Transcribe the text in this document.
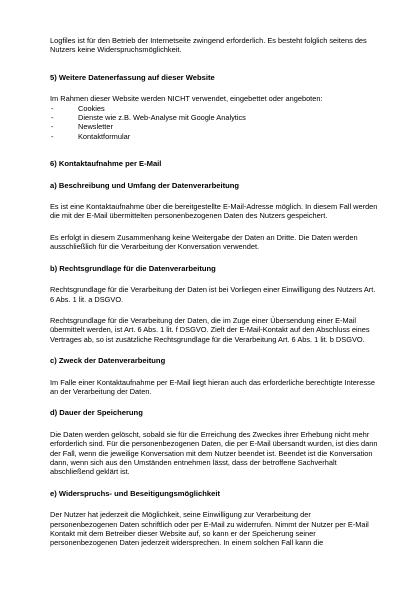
Logfiles ist für den Betrieb der Internetseite zwingend erforderlich. Es besteht folglich seitens des Nutzers keine Widerspruchsmöglichkeit.

5) Weitere Datenerfassung auf dieser Website

Im Rahmen dieser Website werden NICHT verwendet, eingebettet oder angeboten:

-	Cookies
-	Dienste wie z.B. Web-Analyse mit Google Analytics
-	Newsletter
-	Kontaktformular

6) Kontaktaufnahme per E-Mail

a) Beschreibung und Umfang der Datenverarbeitung

Es ist eine Kontaktaufnahme über die bereitgestellte E-Mail-Adresse möglich. In diesem Fall werden die mit der E-Mail übermittelten personenbezogenen Daten des Nutzers gespeichert.

Es erfolgt in diesem Zusammenhang keine Weitergabe der Daten an Dritte. Die Daten werden ausschließlich für die Verarbeitung der Konversation verwendet.

b) Rechtsgrundlage für die Datenverarbeitung

Rechtsgrundlage für die Verarbeitung der Daten ist bei Vorliegen einer Einwilligung des Nutzers Art. 6 Abs. 1 lit. a DSGVO.

Rechtsgrundlage für die Verarbeitung der Daten, die im Zuge einer Übersendung einer E-Mail übermittelt werden, ist Art. 6 Abs. 1 lit. f DSGVO. Zielt der E-Mail-Kontakt auf den Abschluss eines Vertrages ab, so ist zusätzliche Rechtsgrundlage für die Verarbeitung Art. 6 Abs. 1 lit. b DSGVO.

c) Zweck der Datenverarbeitung

Im Falle einer Kontaktaufnahme per E-Mail liegt hieran auch das erforderliche berechtigte Interesse an der Verarbeitung der Daten.

d) Dauer der Speicherung

Die Daten werden gelöscht, sobald sie für die Erreichung des Zweckes ihrer Erhebung nicht mehr erforderlich sind. Für die personenbezogenen Daten, die per E-Mail übersandt wurden, ist dies dann der Fall, wenn die jeweilige Konversation mit dem Nutzer beendet ist. Beendet ist die Konversation dann, wenn sich aus den Umständen entnehmen lässt, dass der betroffene Sachverhalt abschließend geklärt ist.

e) Widerspruchs- und Beseitigungsmöglichkeit

Der Nutzer hat jederzeit die Möglichkeit, seine Einwilligung zur Verarbeitung der personenbezogenen Daten schriftlich oder per E-Mail zu widerrufen. Nimmt der Nutzer per E-Mail Kontakt mit dem Betreiber dieser Website auf, so kann er der Speicherung seiner personenbezogenen Daten jederzeit widersprechen. In einem solchen Fall kann die
